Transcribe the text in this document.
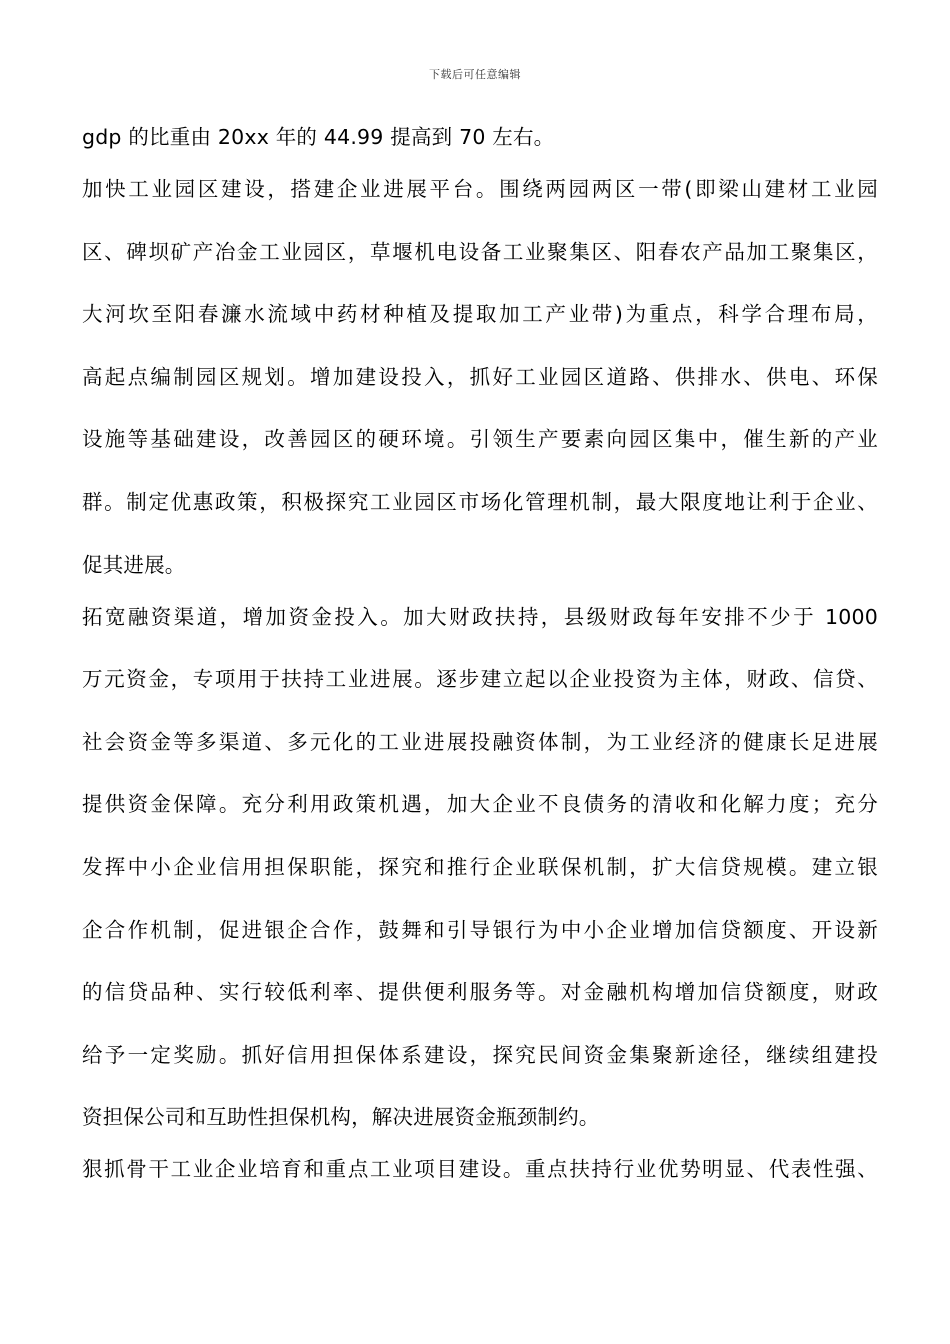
下载后可任意编辑
gdp 的比重由 20xx 年的 44.99 提高到 70 左右。
加快工业园区建设，搭建企业进展平台。围绕两园两区一带(即梁山建材工业园
区、碑坝矿产冶金工业园区，草堰机电设备工业聚集区、阳春农产品加工聚集区，
大河坎至阳春濂水流域中药材种植及提取加工产业带)为重点，科学合理布局，
高起点编制园区规划。增加建设投入，抓好工业园区道路、供排水、供电、环保
设施等基础建设，改善园区的硬环境。引领生产要素向园区集中，催生新的产业
群。制定优惠政策，积极探究工业园区市场化管理机制，最大限度地让利于企业、
促其进展。
拓宽融资渠道，增加资金投入。加大财政扶持，县级财政每年安排不少于 1000
万元资金，专项用于扶持工业进展。逐步建立起以企业投资为主体，财政、信贷、
社会资金等多渠道、多元化的工业进展投融资体制，为工业经济的健康长足进展
提供资金保障。充分利用政策机遇，加大企业不良债务的清收和化解力度；充分
发挥中小企业信用担保职能，探究和推行企业联保机制，扩大信贷规模。建立银
企合作机制，促进银企合作，鼓舞和引导银行为中小企业增加信贷额度、开设新
的信贷品种、实行较低利率、提供便利服务等。对金融机构增加信贷额度，财政
给予一定奖励。抓好信用担保体系建设，探究民间资金集聚新途径，继续组建投
资担保公司和互助性担保机构，解决进展资金瓶颈制约。
狠抓骨干工业企业培育和重点工业项目建设。重点扶持行业优势明显、代表性强、
